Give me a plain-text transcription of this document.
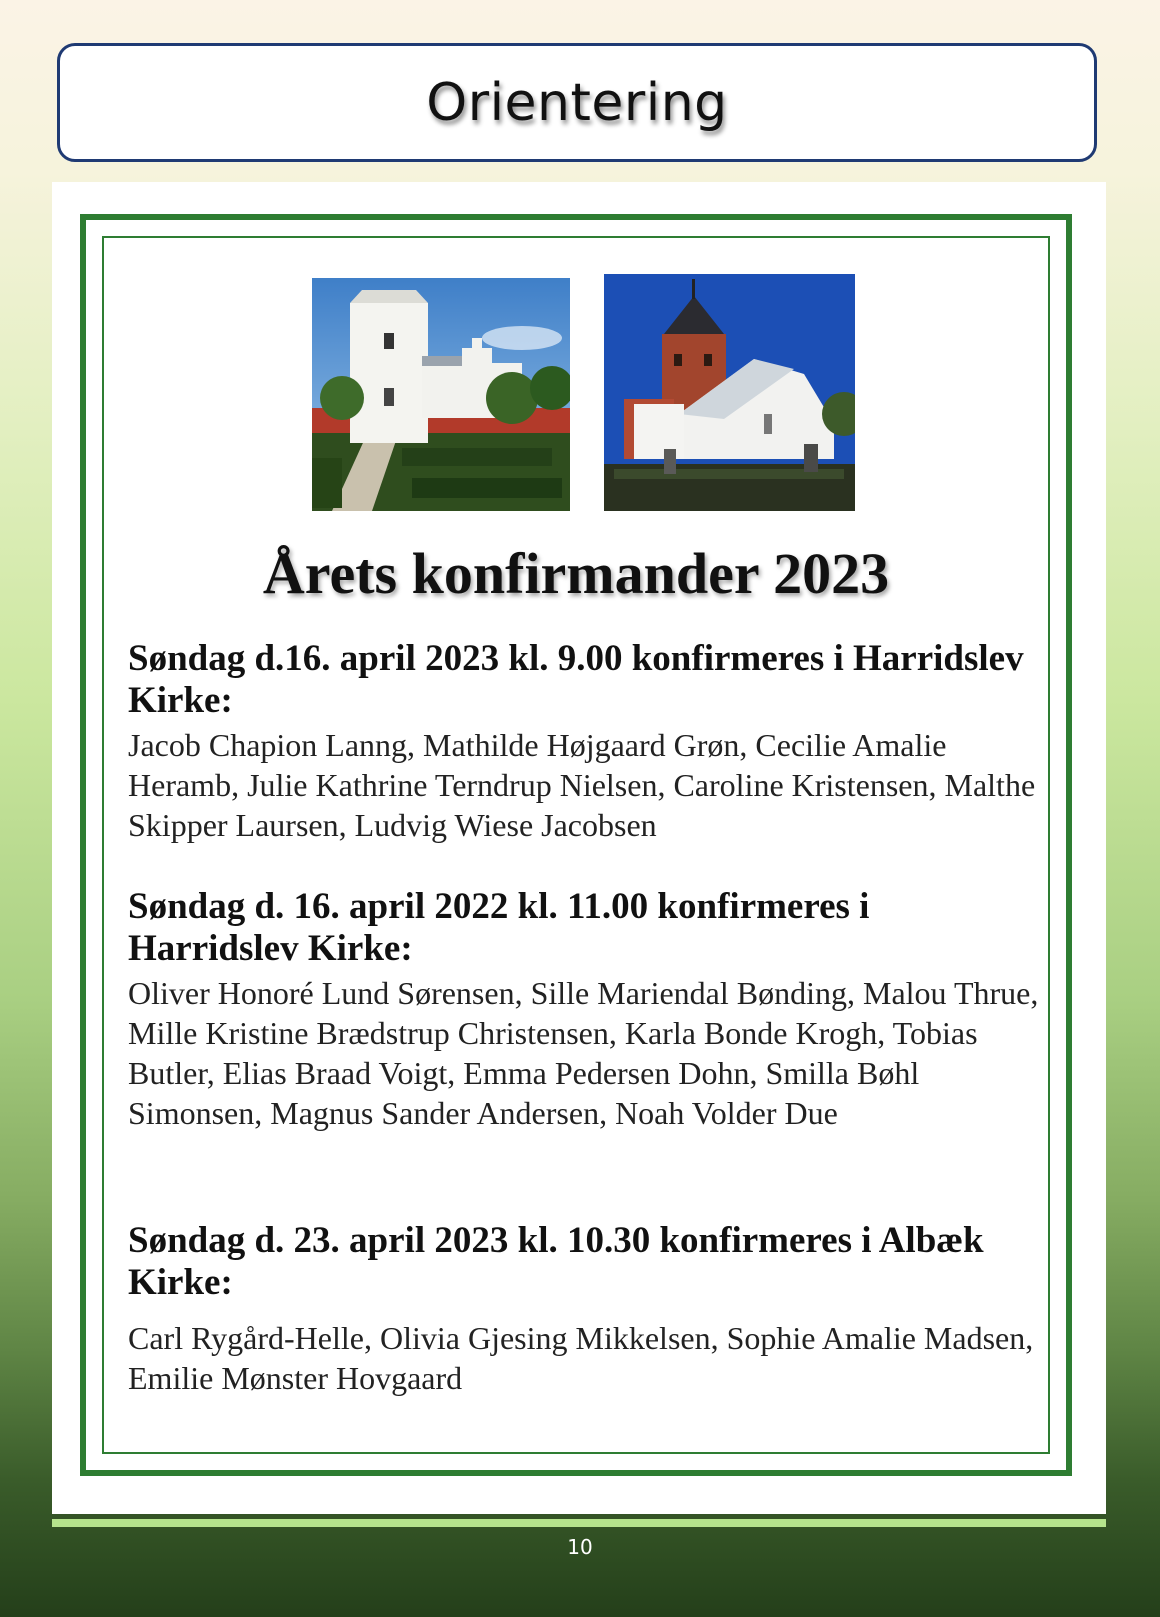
Orientering
Årets konfirmander 2023
Søndag d.16. april 2023 kl. 9.00 konfirmeres i Harridslev Kirke:
Jacob Chapion Lanng, Mathilde Højgaard Grøn, Cecilie Amalie Heramb, Julie Kathrine Terndrup Nielsen, Caroline Kristensen, Malthe Skipper Laursen, Ludvig Wiese Jacobsen
Søndag d. 16. april 2022 kl. 11.00 konfirmeres i Harridslev Kirke:
Oliver Honoré Lund Sørensen, Sille Mariendal Bønding, Malou Thrue, Mille Kristine Brædstrup Christensen, Karla Bonde Krogh, Tobias Butler, Elias Braad Voigt, Emma Pedersen Dohn, Smilla Bøhl Simonsen, Magnus Sander Andersen, Noah Volder Due
Søndag d. 23. april 2023 kl. 10.30 konfirmeres i Albæk Kirke:
Carl Rygård-Helle, Olivia Gjesing Mikkelsen, Sophie Amalie Madsen, Emilie Mønster Hovgaard
10
